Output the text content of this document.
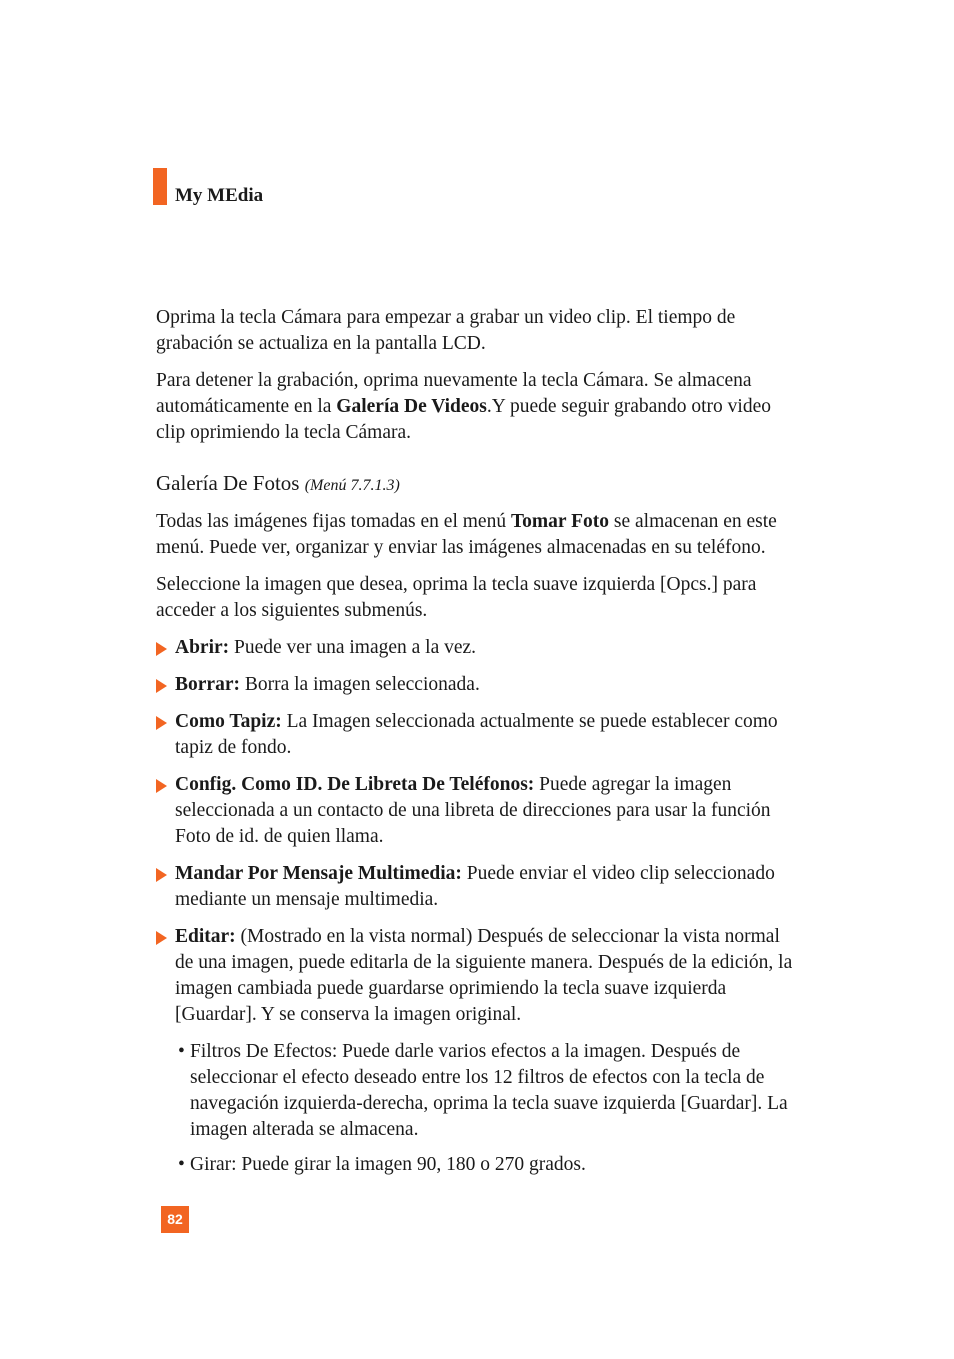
My MEdia

Oprima la tecla Cámara para empezar a grabar un video clip. El tiempo de grabación se actualiza en la pantalla LCD.

Para detener la grabación, oprima nuevamente la tecla Cámara. Se almacena automáticamente en la Galería De Videos.Y puede seguir grabando otro video clip oprimiendo la tecla Cámara.

Galería De Fotos (Menú 7.7.1.3)

Todas las imágenes fijas tomadas en el menú Tomar Foto se almacenan en este menú. Puede ver, organizar y enviar las imágenes almacenadas en su teléfono.

Seleccione la imagen que desea, oprima la tecla suave izquierda [Opcs.] para acceder a los siguientes submenús.

Abrir: Puede ver una imagen a la vez.
Borrar: Borra la imagen seleccionada.
Como Tapiz: La Imagen seleccionada actualmente se puede establecer como tapiz de fondo.
Config. Como ID. De Libreta De Teléfonos: Puede agregar la imagen seleccionada a un contacto de una libreta de direcciones para usar la función Foto de id. de quien llama.
Mandar Por Mensaje Multimedia: Puede enviar el video clip seleccionado mediante un mensaje multimedia.
Editar: (Mostrado en la vista normal) Después de seleccionar la vista normal de una imagen, puede editarla de la siguiente manera. Después de la edición, la imagen cambiada puede guardarse oprimiendo la tecla suave izquierda [Guardar]. Y se conserva la imagen original.
• Filtros De Efectos: Puede darle varios efectos a la imagen. Después de seleccionar el efecto deseado entre los 12 filtros de efectos con la tecla de navegación izquierda-derecha, oprima la tecla suave izquierda [Guardar]. La imagen alterada se almacena.
• Girar: Puede girar la imagen 90, 180 o 270 grados.
82
